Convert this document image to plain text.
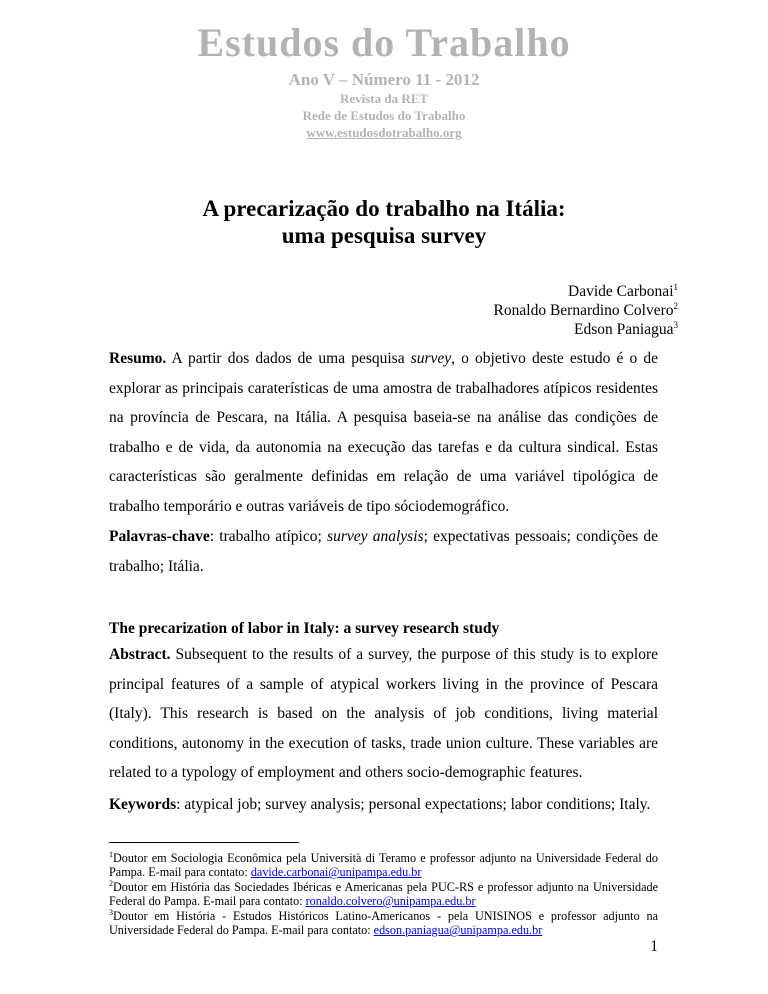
Estudos do Trabalho
Ano V – Número 11 - 2012
Revista da RET
Rede de Estudos do Trabalho
www.estudosdotrabalho.org
A precarização do trabalho na Itália:
uma pesquisa survey
Davide Carbonai$^1$
Ronaldo Bernardino Colvero$^2$
Edson Paniagua$^3$
Resumo. A partir dos dados de uma pesquisa survey, o objetivo deste estudo é o de explorar as principais caraterísticas de uma amostra de trabalhadores atípicos residentes na província de Pescara, na Itália. A pesquisa baseia-se na análise das condições de trabalho e de vida, da autonomia na execução das tarefas e da cultura sindical. Estas características são geralmente definidas em relação de uma variável tipológica de trabalho temporário e outras variáveis de tipo sóciodemográfico.
Palavras-chave: trabalho atípico; survey analysis; expectativas pessoais; condições de trabalho; Itália.
The precarization of labor in Italy: a survey research study
Abstract. Subsequent to the results of a survey, the purpose of this study is to explore principal features of a sample of atypical workers living in the province of Pescara (Italy). This research is based on the analysis of job conditions, living material conditions, autonomy in the execution of tasks, trade union culture. These variables are related to a typology of employment and others socio-demographic features.
Keywords: atypical job; survey analysis; personal expectations; labor conditions; Italy.
$^1$Doutor em Sociologia Econômica pela Università di Teramo e professor adjunto na Universidade Federal do Pampa. E-mail para contato: davide.carbonai@unipampa.edu.br
$^2$Doutor em História das Sociedades Ibéricas e Americanas pela PUC-RS e professor adjunto na Universidade Federal do Pampa. E-mail para contato: ronaldo.colvero@unipampa.edu.br
$^3$Doutor em História - Estudos Históricos Latino-Americanos - pela UNISINOS e professor adjunto na Universidade Federal do Pampa. E-mail para contato: edson.paniagua@unipampa.edu.br
1
